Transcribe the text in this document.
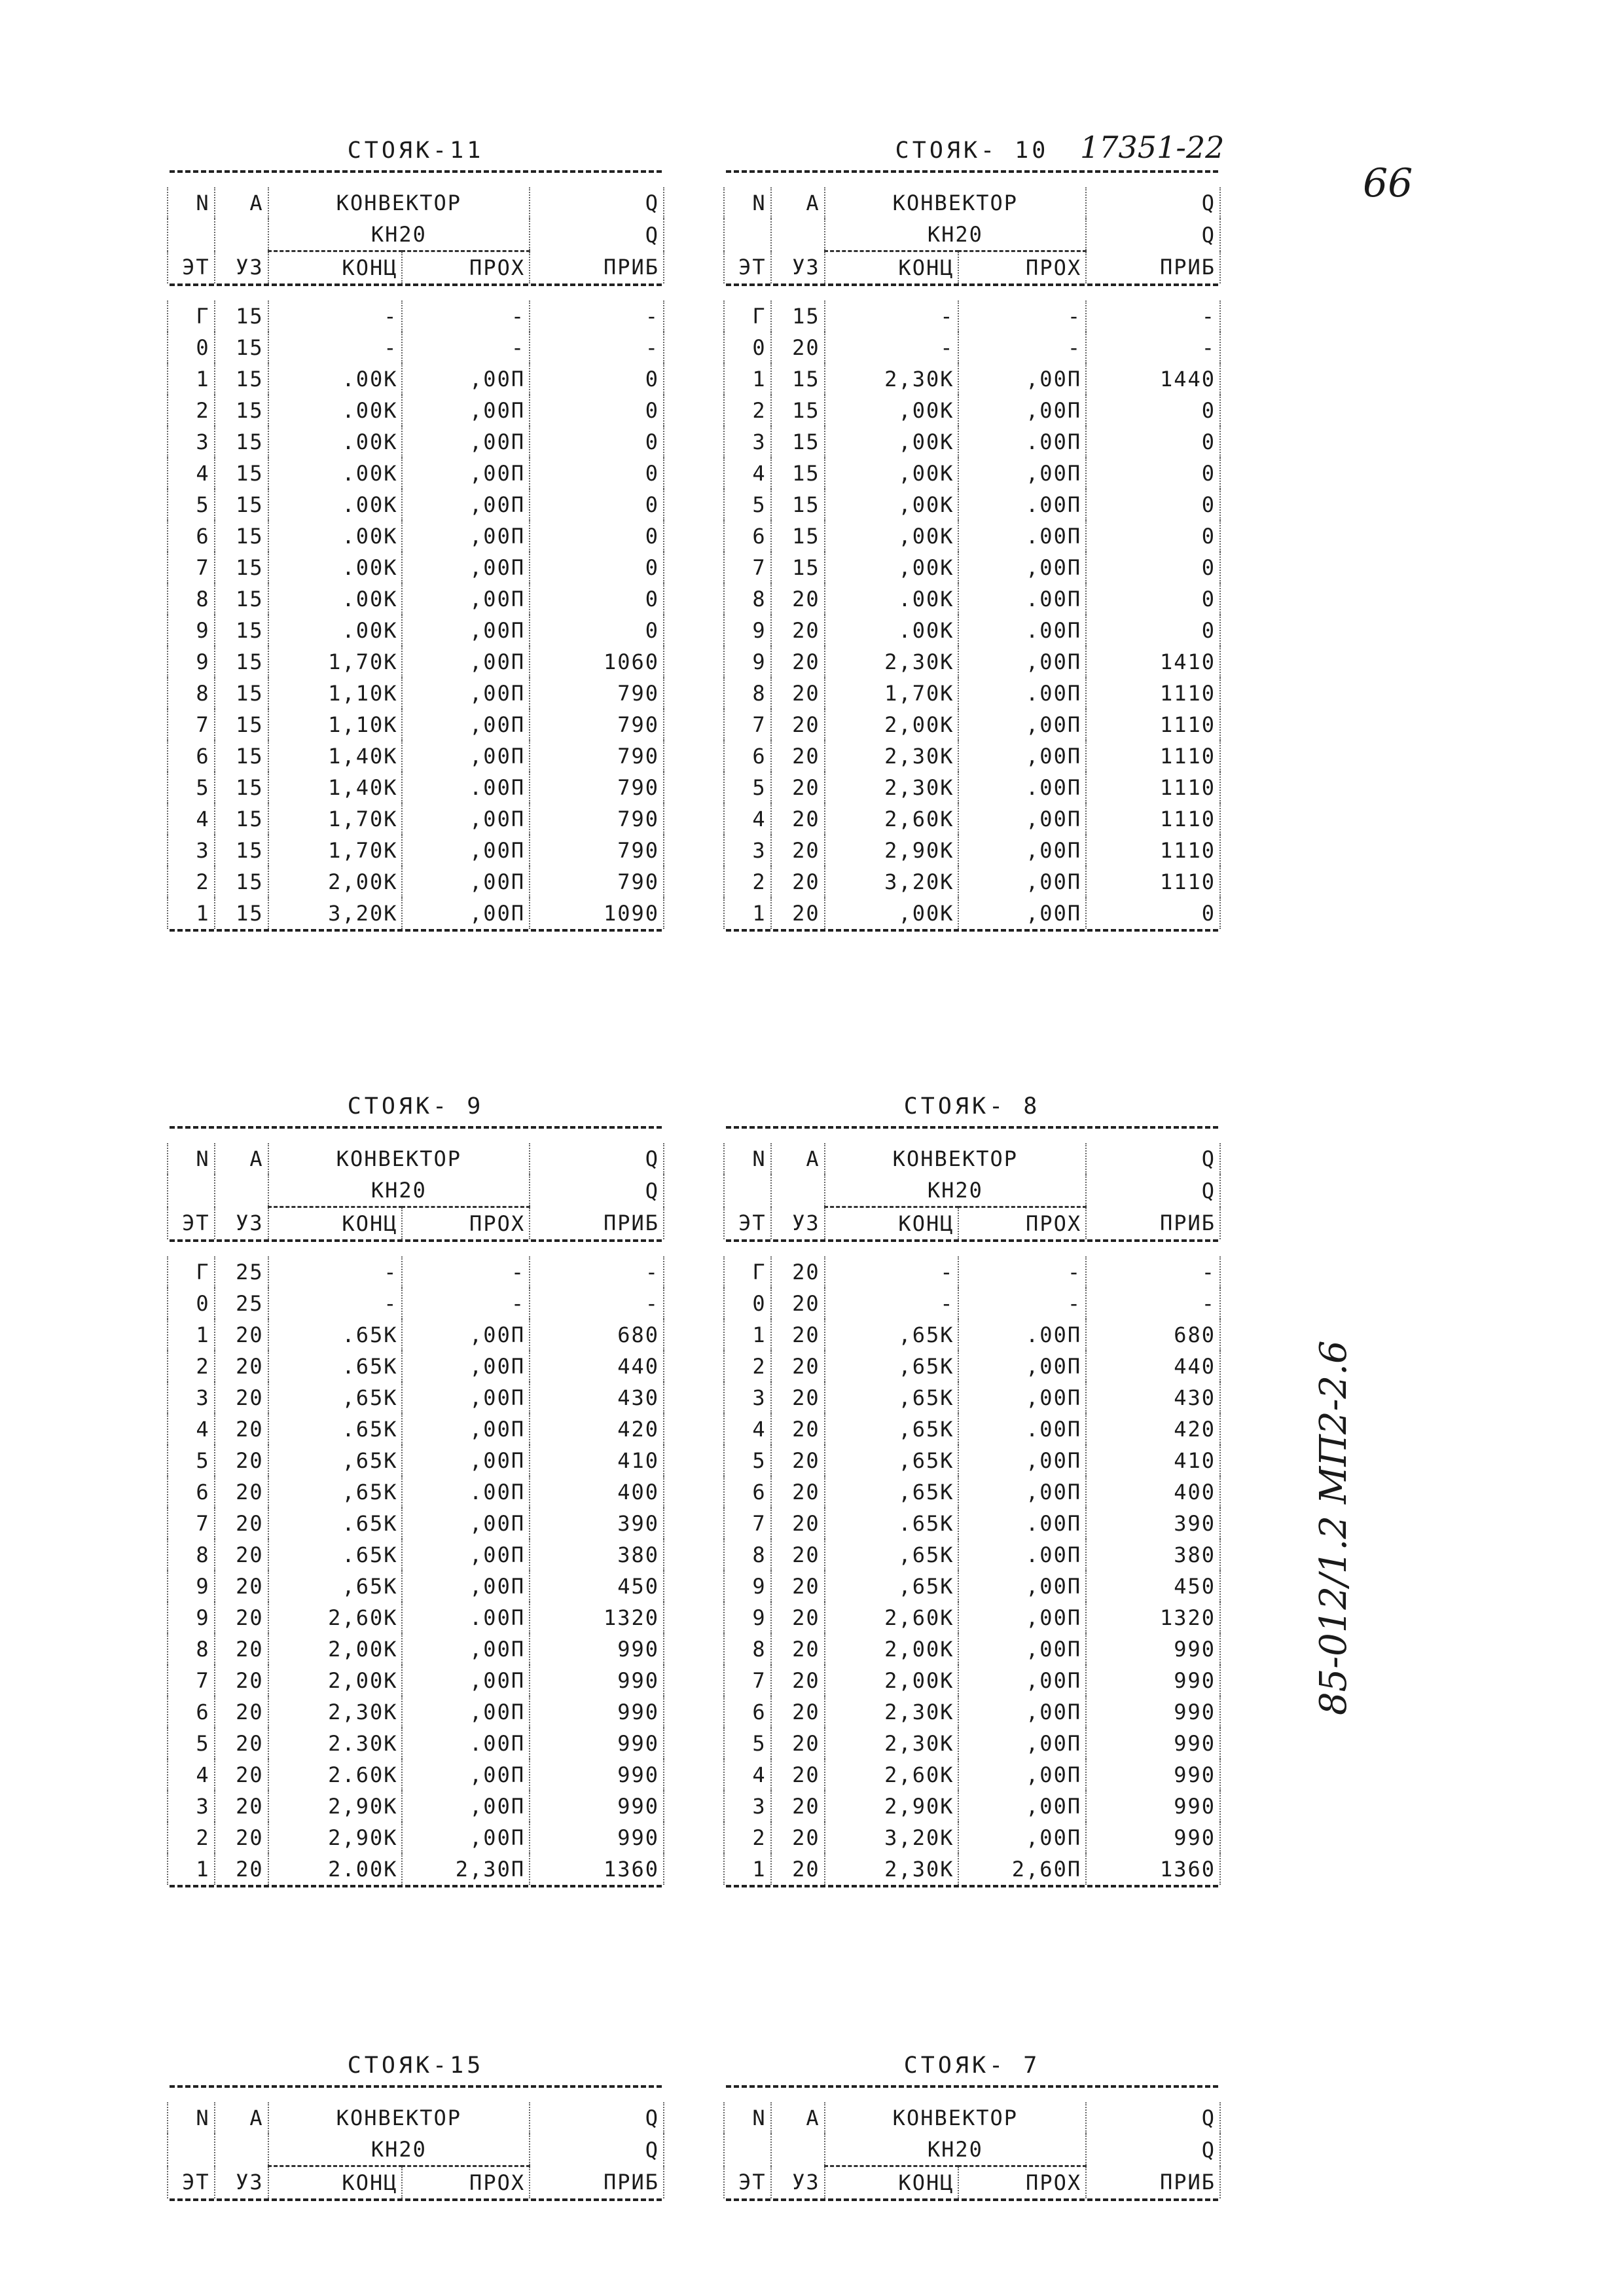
17351-22
66
85-012/1.2 МП2-2.6
СТОЯК-11
N	A	КОНВЕКТОР		Q
		КН20		Q
ЭТ	УЗ	КОНЦ	ПРОХ	ПРИБ
Г	15	-	-	-
0	15	-	-	-
1	15	.00К	,00П	0
2	15	.00К	,00П	0
3	15	.00К	,00П	0
4	15	.00К	,00П	0
5	15	.00К	,00П	0
6	15	.00К	,00П	0
7	15	.00К	,00П	0
8	15	.00К	,00П	0
9	15	.00К	,00П	0
9	15	1,70К	,00П	1060
8	15	1,10К	,00П	790
7	15	1,10К	,00П	790
6	15	1,40К	,00П	790
5	15	1,40К	.00П	790
4	15	1,70К	,00П	790
3	15	1,70К	,00П	790
2	15	2,00К	,00П	790
1	15	3,20К	,00П	1090
СТОЯК- 10
N	A	КОНВЕКТОР		Q
		КН20		Q
ЭТ	УЗ	КОНЦ	ПРОХ	ПРИБ
Г	15	-	-	-
0	20	-	-	-
1	15	2,30К	,00П	1440
2	15	,00К	,00П	0
3	15	,00К	.00П	0
4	15	,00К	,00П	0
5	15	,00К	.00П	0
6	15	,00К	.00П	0
7	15	,00К	,00П	0
8	20	.00К	.00П	0
9	20	.00К	.00П	0
9	20	2,30К	,00П	1410
8	20	1,70К	.00П	1110
7	20	2,00К	,00П	1110
6	20	2,30К	,00П	1110
5	20	2,30К	.00П	1110
4	20	2,60К	,00П	1110
3	20	2,90К	,00П	1110
2	20	3,20К	,00П	1110
1	20	,00К	,00П	0
СТОЯК- 9
N	A	КОНВЕКТОР		Q
		КН20		Q
ЭТ	УЗ	КОНЦ	ПРОХ	ПРИБ
Г	25	-	-	-
0	25	-	-	-
1	20	.65К	,00П	680
2	20	.65К	,00П	440
3	20	,65К	,00П	430
4	20	.65К	,00П	420
5	20	,65К	,00П	410
6	20	,65К	.00П	400
7	20	.65К	,00П	390
8	20	.65К	,00П	380
9	20	,65К	,00П	450
9	20	2,60К	.00П	1320
8	20	2,00К	,00П	990
7	20	2,00К	,00П	990
6	20	2,30К	,00П	990
5	20	2.30К	.00П	990
4	20	2.60К	,00П	990
3	20	2,90К	,00П	990
2	20	2,90К	,00П	990
1	20	2.00К	2,30П	1360
СТОЯК- 8
N	A	КОНВЕКТОР		Q
		КН20		Q
ЭТ	УЗ	КОНЦ	ПРОХ	ПРИБ
Г	20	-	-	-
0	20	-	-	-
1	20	,65К	.00П	680
2	20	,65К	,00П	440
3	20	,65К	,00П	430
4	20	,65К	.00П	420
5	20	,65К	,00П	410
6	20	,65К	,00П	400
7	20	.65К	.00П	390
8	20	,65К	.00П	380
9	20	,65К	,00П	450
9	20	2,60К	,00П	1320
8	20	2,00К	,00П	990
7	20	2,00К	,00П	990
6	20	2,30К	,00П	990
5	20	2,30К	,00П	990
4	20	2,60К	,00П	990
3	20	2,90К	,00П	990
2	20	3,20К	,00П	990
1	20	2,30К	2,60П	1360
СТОЯК-15
N	A	КОНВЕКТОР		Q
		КН20		Q
ЭТ	УЗ	КОНЦ	ПРОХ	ПРИБ
СТОЯК- 7
N	A	КОНВЕКТОР		Q
		КН20		Q
ЭТ	УЗ	КОНЦ	ПРОХ	ПРИБ
